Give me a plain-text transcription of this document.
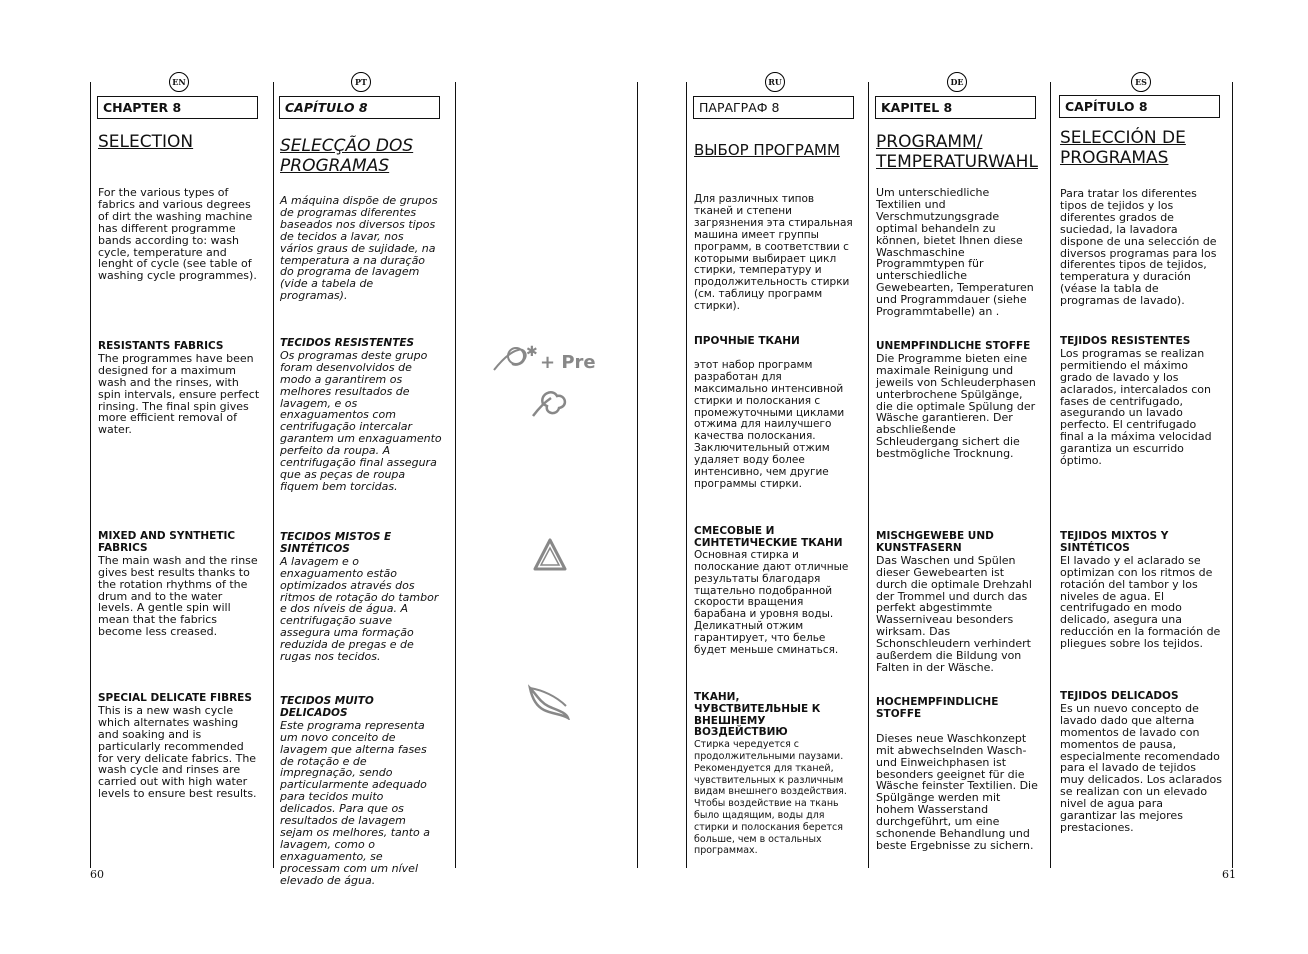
EN
CHAPTER 8
SELECTION
For the various types of fabrics and various degrees of dirt the washing machine has different programme bands according to: wash cycle, temperature and lenght of cycle (see table of washing cycle programmes).
RESISTANTS FABRICS
The programmes have been designed for a maximum wash and the rinses, with spin intervals, ensure perfect rinsing. The final spin gives more efficient removal of water.
MIXED AND SYNTHETIC FABRICS
The main wash and the rinse gives best results thanks to the rotation rhythms of the drum and to the water levels. A gentle spin will mean that the fabrics become less creased.
SPECIAL DELICATE FIBRES
This is a new wash cycle which alternates washing and soaking and is particularly recommended for very delicate fabrics. The wash cycle and rinses are carried out with high water levels to ensure best results.
PT
CAPÍTULO 8
SELECÇÃO DOS PROGRAMAS
A máquina dispõe de grupos de programas diferentes baseados nos diversos tipos de tecidos a lavar, nos vários graus de sujidade, na temperatura a na duração do programa de lavagem (vide a tabela de programas).
TECIDOS RESISTENTES
Os programas deste grupo foram desenvolvidos de modo a garantirem os melhores resultados de lavagem, e os enxaguamentos com centrifugação intercalar garantem um enxaguamento perfeito da roupa. A centrifugação final assegura que as peças de roupa fiquem bem torcidas.
TECIDOS MISTOS E SINTÉTICOS
A lavagem e o enxaguamento estão optimizados através dos ritmos de rotação do tambor e dos níveis de água. A centrifugação suave assegura uma formação reduzida de pregas e de rugas nos tecidos.
TECIDOS MUITO DELICADOS
Este programa representa um novo conceito de lavagem que alterna fases de rotação e de impregnação, sendo particularmente adequado para tecidos muito delicados. Para que os resultados de lavagem sejam os melhores, tanto a lavagem, como o enxaguamento, se processam com um nível elevado de água.
✱ + Pre
RU
ПАРАГРАФ 8
ВЫБОР ПРОГРАММ
Для различных типов тканей и степени загрязнения эта стиральная машина имеет группы программ, в соответствии с которыми выбирает цикл стирки, температуру и продолжительность стирки (см. таблицу программ стирки).
ПРОЧНЫЕ ТКАНИ
этот набор программ разработан для максимально интенсивной стирки и полоскания с промежуточными циклами отжима для наилучшего качества полоскания. Заключительный отжим удаляет воду более интенсивно, чем другие программы стирки.
СМЕСОВЫЕ И СИНТЕТИЧЕСКИЕ ТКАНИ
Основная стирка и полоскание дают отличные результаты благодаря тщательно подобранной скорости вращения барабана и уровня воды. Деликатный отжим гарантирует, что белье будет меньше сминаться.
ТКАНИ, ЧУВСТВИТЕЛЬНЫЕ К ВНЕШНЕМУ ВОЗДЕЙСТВИЮ
Стирка чередуется с продолжительными паузами. Рекомендуется для тканей, чувствительных к различным видам внешнего воздействия. Чтобы воздействие на ткань было щадящим, воды для стирки и полоскания берется больше, чем в остальных программах.
DE
KAPITEL 8
PROGRAMM/ TEMPERATURWAHL
Um unterschiedliche Textilien und Verschmutzungsgrade optimal behandeln zu können, bietet Ihnen diese Waschmaschine Programmtypen für unterschiedliche Gewebearten, Temperaturen und Programmdauer (siehe Programmtabelle) an .
UNEMPFINDLICHE STOFFE
Die Programme bieten eine maximale Reinigung und jeweils von Schleuderphasen unterbrochene Spülgänge, die die optimale Spülung der Wäsche garantieren. Der abschließende Schleudergang sichert die bestmögliche Trocknung.
MISCHGEWEBE UND KUNSTFASERN
Das Waschen und Spülen dieser Gewebearten ist durch die optimale Drehzahl der Trommel und durch das perfekt abgestimmte Wasserniveau besonders wirksam. Das Schonschleudern verhindert außerdem die Bildung von Falten in der Wäsche.
HOCHEMPFINDLICHE STOFFE
Dieses neue Waschkonzept mit abwechselnden Wasch- und Einweichphasen ist besonders geeignet für die Wäsche feinster Textilien. Die Spülgänge werden mit hohem Wasserstand durchgeführt, um eine schonende Behandlung und beste Ergebnisse zu sichern.
ES
CAPÍTULO 8
SELECCIÓN DE PROGRAMAS
Para tratar los diferentes tipos de tejidos y los diferentes grados de suciedad, la lavadora dispone de una selección de diversos programas para los diferentes tipos de tejidos, temperatura y duración (véase la tabla de programas de lavado).
TEJIDOS RESISTENTES
Los programas se realizan permitiendo el máximo grado de lavado y los aclarados, intercalados con fases de centrifugado, asegurando un lavado perfecto. El centrifugado final a la máxima velocidad garantiza un escurrido óptimo.
TEJIDOS MIXTOS Y SINTÉTICOS
El lavado y el aclarado se optimizan con los ritmos de rotación del tambor y los niveles de agua. El centrifugado en modo delicado, asegura una reducción en la formación de pliegues sobre los tejidos.
TEJIDOS DELICADOS
Es un nuevo concepto de lavado dado que alterna momentos de lavado con momentos de pausa, especialmente recomendado para el lavado de tejidos muy delicados. Los aclarados se realizan con un elevado nivel de agua para garantizar las mejores prestaciones.
60	61
